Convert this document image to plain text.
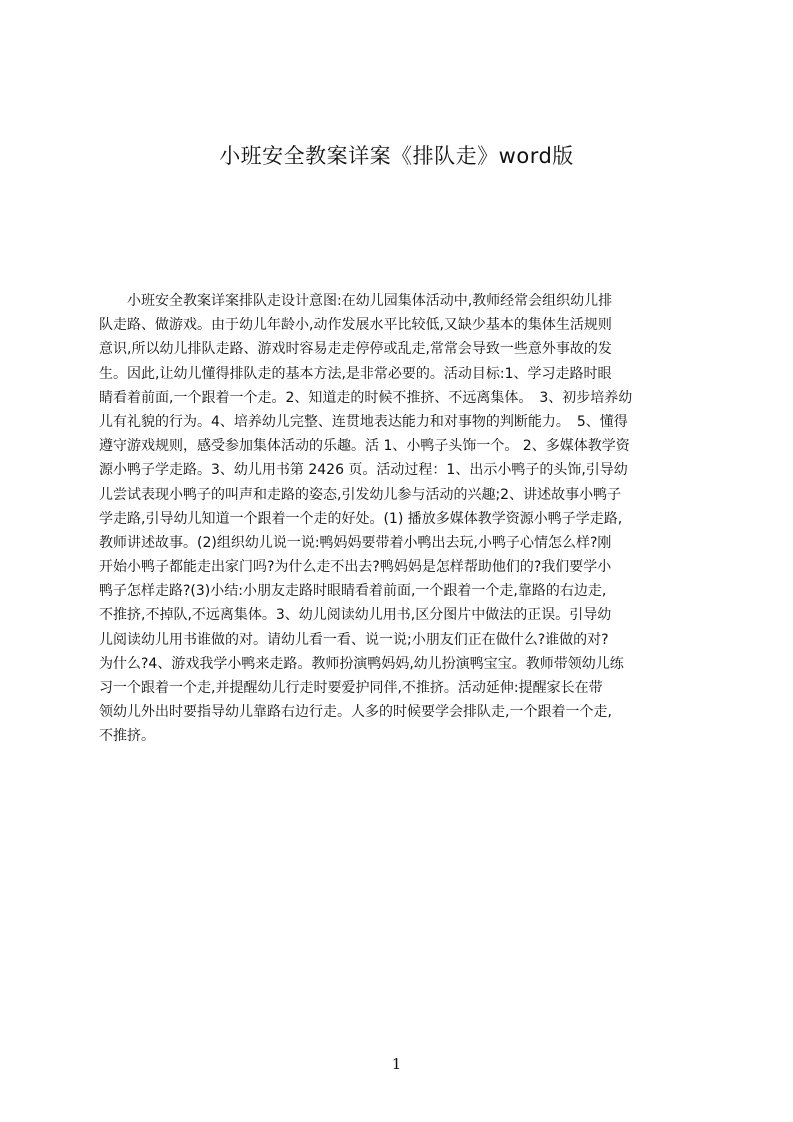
小班安全教案详案《排队走》word版
　　小班安全教案详案排队走设计意图:在幼儿园集体活动中,教师经常会组织幼儿排
队走路、做游戏。由于幼儿年龄小,动作发展水平比较低,又缺少基本的集体生活规则
意识,所以幼儿排队走路、游戏时容易走走停停或乱走,常常会导致一些意外事故的发
生。因此,让幼儿懂得排队走的基本方法,是非常必要的。活动目标:1、学习走路时眼
睛看着前面,一个跟着一个走。2、知道走的时候不推挤、不远离集体。　3、初步培养幼
儿有礼貌的行为。4、培养幼儿完整、连贯地表达能力和对事物的判断能力。　5、懂得
遵守游戏规则，感受参加集体活动的乐趣。活 1、小鸭子头饰一个。 2、多媒体教学资
源小鸭子学走路。3、幼儿用书第 2426 页。活动过程：1、出示小鸭子的头饰,引导幼
儿尝试表现小鸭子的叫声和走路的姿态,引发幼儿参与活动的兴趣;2、讲述故事小鸭子
学走路,引导幼儿知道一个跟着一个走的好处。(1) 播放多媒体教学资源小鸭子学走路,
教师讲述故事。(2)组织幼儿说一说:鸭妈妈要带着小鸭出去玩,小鸭子心情怎么样?刚
开始小鸭子都能走出家门吗?为什么走不出去?鸭妈妈是怎样帮助他们的?我们要学小
鸭子怎样走路?(3)小结:小朋友走路时眼睛看着前面,一个跟着一个走,靠路的右边走,
不推挤,不掉队,不远离集体。3、幼儿阅读幼儿用书,区分图片中做法的正误。引导幼
儿阅读幼儿用书谁做的对。请幼儿看一看、说一说;小朋友们正在做什么?谁做的对?
为什么?4、游戏我学小鸭来走路。教师扮演鸭妈妈,幼儿扮演鸭宝宝。教师带领幼儿练
习一个跟着一个走,并提醒幼儿行走时要爱护同伴,不推挤。活动延伸:提醒家长在带
领幼儿外出时要指导幼儿靠路右边行走。人多的时候要学会排队走,一个跟着一个走,
不推挤。
1
